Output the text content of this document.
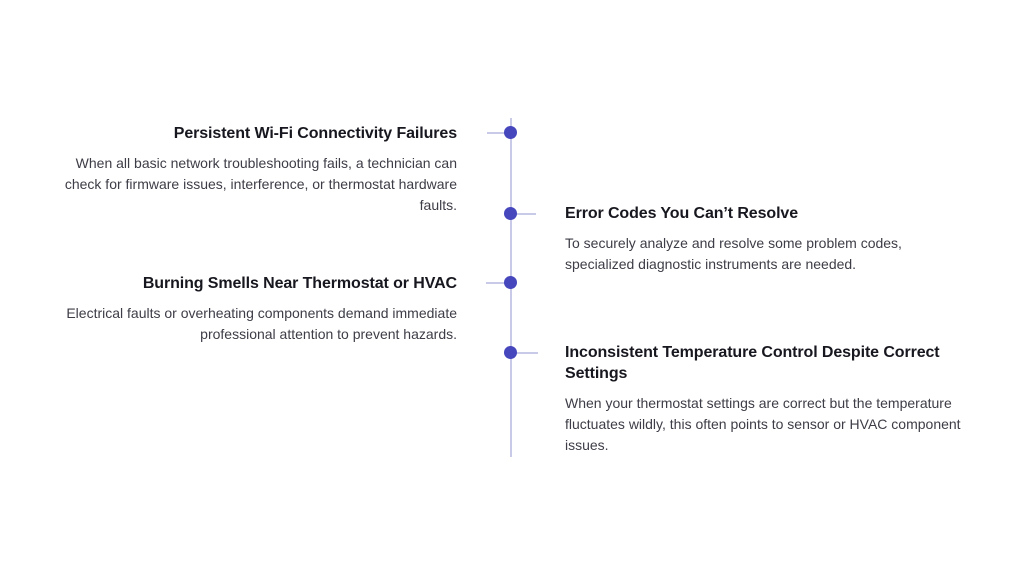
Persistent Wi-Fi Connectivity Failures
When all basic network troubleshooting fails, a technician can check for firmware issues, interference, or thermostat hardware faults.	Error Codes You Can’t Resolve
To securely analyze and resolve some problem codes, specialized diagnostic instruments are needed.
Burning Smells Near Thermostat or HVAC
Electrical faults or overheating components demand immediate professional attention to prevent hazards.
Inconsistent Temperature Control Despite Correct Settings
When your thermostat settings are correct but the temperature fluctuates wildly, this often points to sensor or HVAC component issues.
